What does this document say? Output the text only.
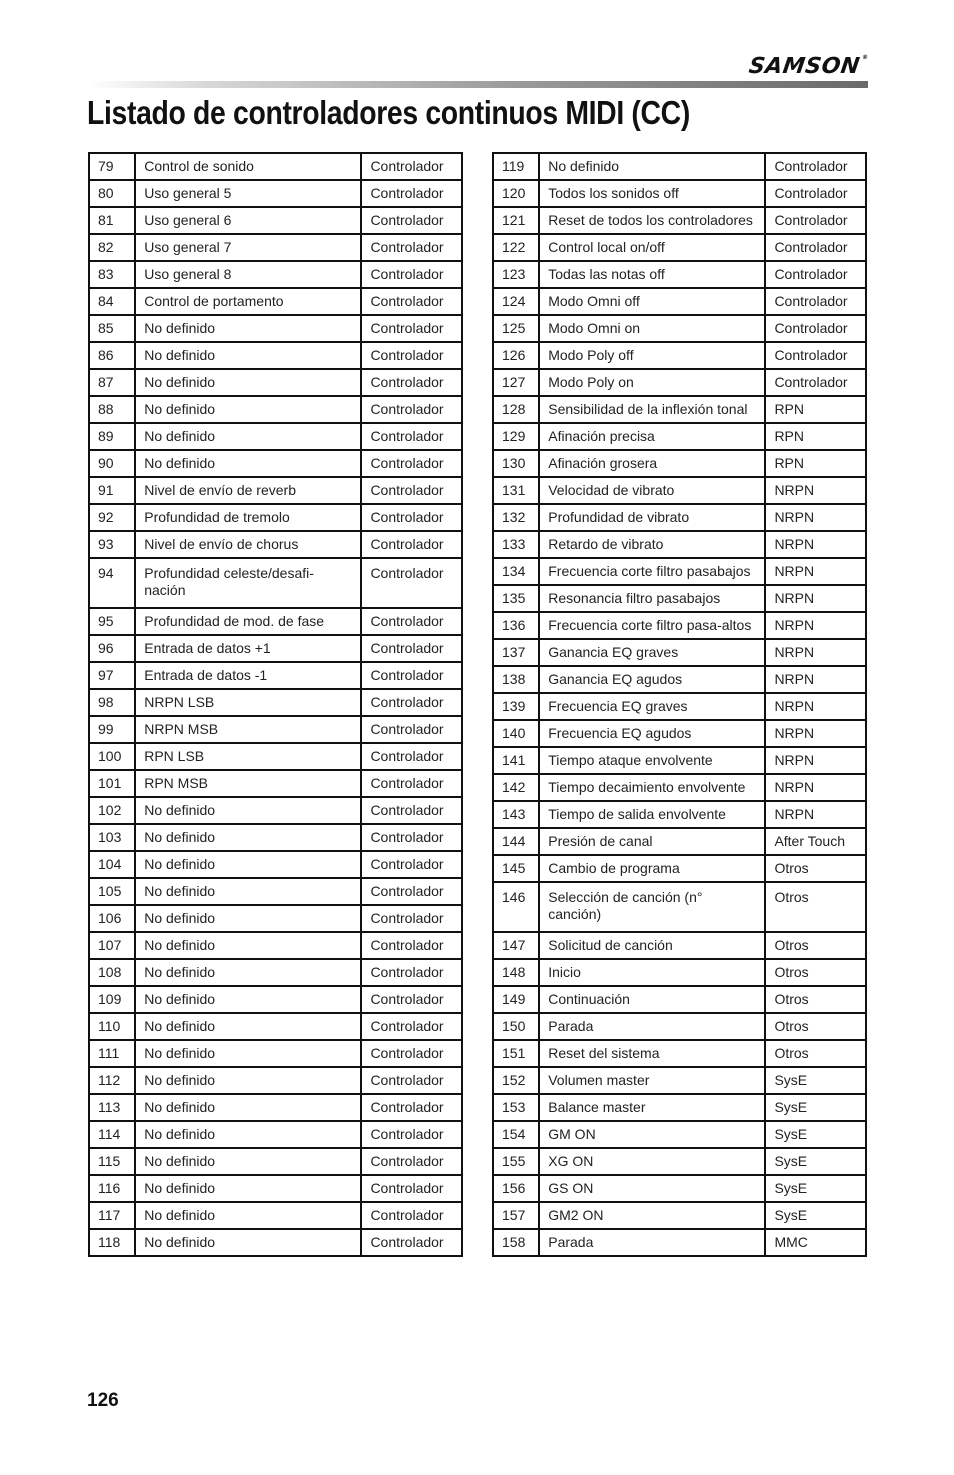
SAMSON®
Listado de controladores continuos MIDI (CC)
79	Control de sonido	Controlador
80	Uso general 5	Controlador
81	Uso general 6	Controlador
82	Uso general 7	Controlador
83	Uso general 8	Controlador
84	Control de portamento	Controlador
85	No definido	Controlador
86	No definido	Controlador
87	No definido	Controlador
88	No definido	Controlador
89	No definido	Controlador
90	No definido	Controlador
91	Nivel de envío de reverb	Controlador
92	Profundidad de tremolo	Controlador
93	Nivel de envío de chorus	Controlador
94	Profundidad celeste/desafi-
nación	Controlador
95	Profundidad de mod. de fase	Controlador
96	Entrada de datos +1	Controlador
97	Entrada de datos -1	Controlador
98	NRPN LSB	Controlador
99	NRPN MSB	Controlador
100	RPN LSB	Controlador
101	RPN MSB	Controlador
102	No definido	Controlador
103	No definido	Controlador
104	No definido	Controlador
105	No definido	Controlador
106	No definido	Controlador
107	No definido	Controlador
108	No definido	Controlador
109	No definido	Controlador
110	No definido	Controlador
111	No definido	Controlador
112	No definido	Controlador
113	No definido	Controlador
114	No definido	Controlador
115	No definido	Controlador
116	No definido	Controlador
117	No definido	Controlador
118	No definido	Controlador
119	No definido	Controlador
120	Todos los sonidos off	Controlador
121	Reset de todos los controladores	Controlador
122	Control local on/off	Controlador
123	Todas las notas off	Controlador
124	Modo Omni off	Controlador
125	Modo Omni on	Controlador
126	Modo Poly off	Controlador
127	Modo Poly on	Controlador
128	Sensibilidad de la inflexión tonal	RPN
129	Afinación precisa	RPN
130	Afinación grosera	RPN
131	Velocidad de vibrato	NRPN
132	Profundidad de vibrato	NRPN
133	Retardo de vibrato	NRPN
134	Frecuencia corte filtro pasabajos	NRPN
135	Resonancia filtro pasabajos	NRPN
136	Frecuencia corte filtro pasa-altos	NRPN
137	Ganancia EQ graves	NRPN
138	Ganancia EQ agudos	NRPN
139	Frecuencia EQ graves	NRPN
140	Frecuencia EQ agudos	NRPN
141	Tiempo ataque envolvente	NRPN
142	Tiempo decaimiento envolvente	NRPN
143	Tiempo de salida envolvente	NRPN
144	Presión de canal	After Touch
145	Cambio de programa	Otros
146	Selección de canción (n°
canción)	Otros
147	Solicitud de canción	Otros
148	Inicio	Otros
149	Continuación	Otros
150	Parada	Otros
151	Reset del sistema	Otros
152	Volumen master	SysE
153	Balance master	SysE
154	GM ON	SysE
155	XG ON	SysE
156	GS ON	SysE
157	GM2 ON	SysE
158	Parada	MMC
126
